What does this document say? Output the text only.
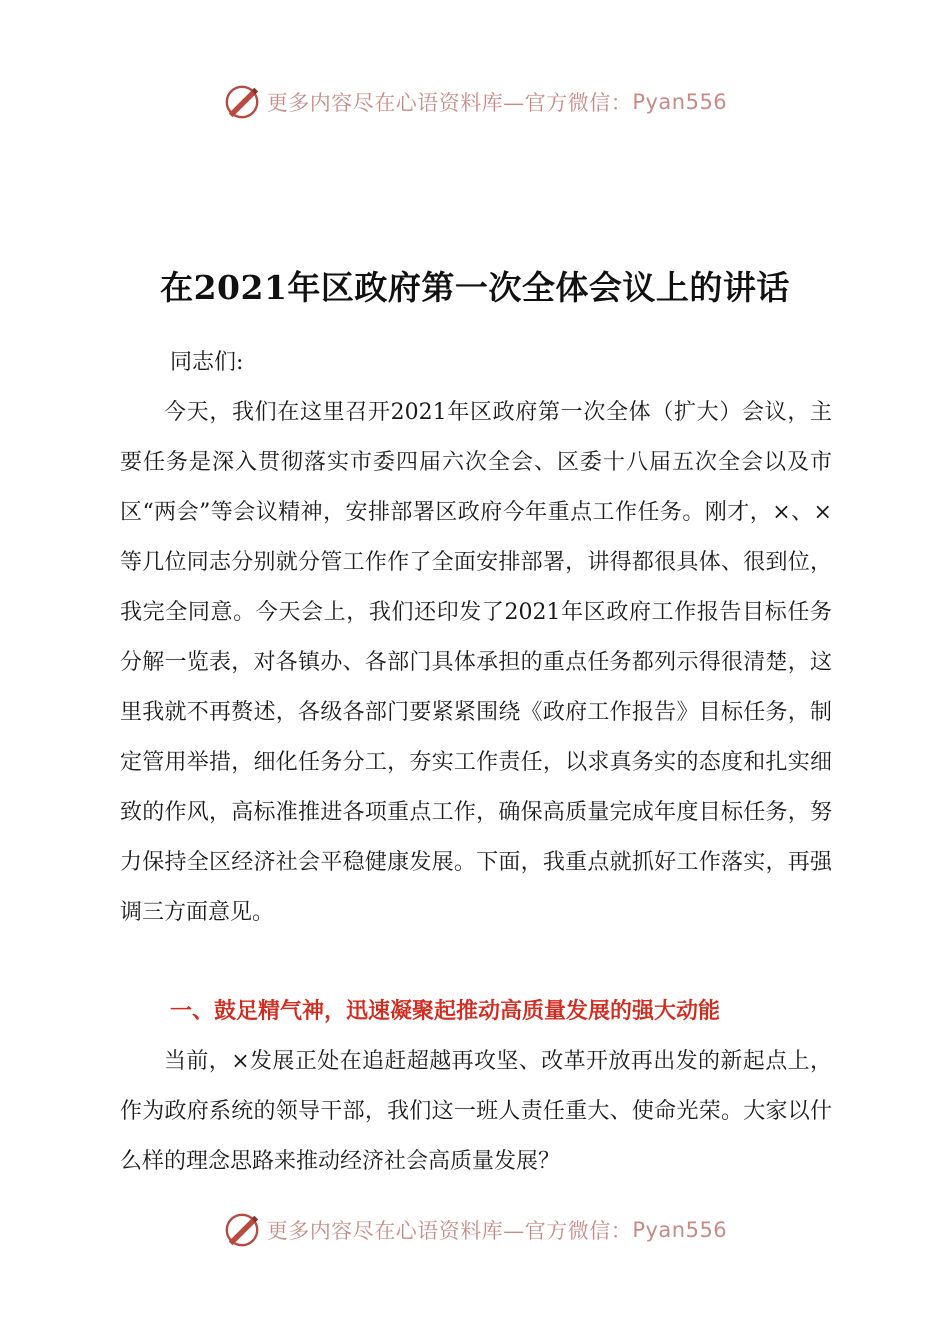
更多内容尽在心语资料库—官方微信： Pyan556
在2021年区政府第一次全体会议上的讲话
同志们:

今天，我们在这里召开2021年区政府第一次全体（扩大）会议，主要任务是深入贯彻落实市委四届六次全会、区委十八届五次全会以及市区“两会”等会议精神，安排部署区政府今年重点工作任务。刚才，×、×等几位同志分别就分管工作作了全面安排部署，讲得都很具体、很到位，我完全同意。今天会上，我们还印发了2021年区政府工作报告目标任务分解一览表，对各镇办、各部门具体承担的重点任务都列示得很清楚，这里我就不再赘述，各级各部门要紧紧围绕《政府工作报告》目标任务，制定管用举措，细化任务分工，夯实工作责任，以求真务实的态度和扎实细致的作风，高标准推进各项重点工作，确保高质量完成年度目标任务，努力保持全区经济社会平稳健康发展。下面，我重点就抓好工作落实，再强调三方面意见。

一、鼓足精气神，迅速凝聚起推动高质量发展的强大动能

当前，×发展正处在追赶超越再攻坚、改革开放再出发的新起点上，作为政府系统的领导干部，我们这一班人责任重大、使命光荣。大家以什么样的理念思路来推动经济社会高质量发展？

更多内容尽在心语资料库—官方微信： Pyan556
